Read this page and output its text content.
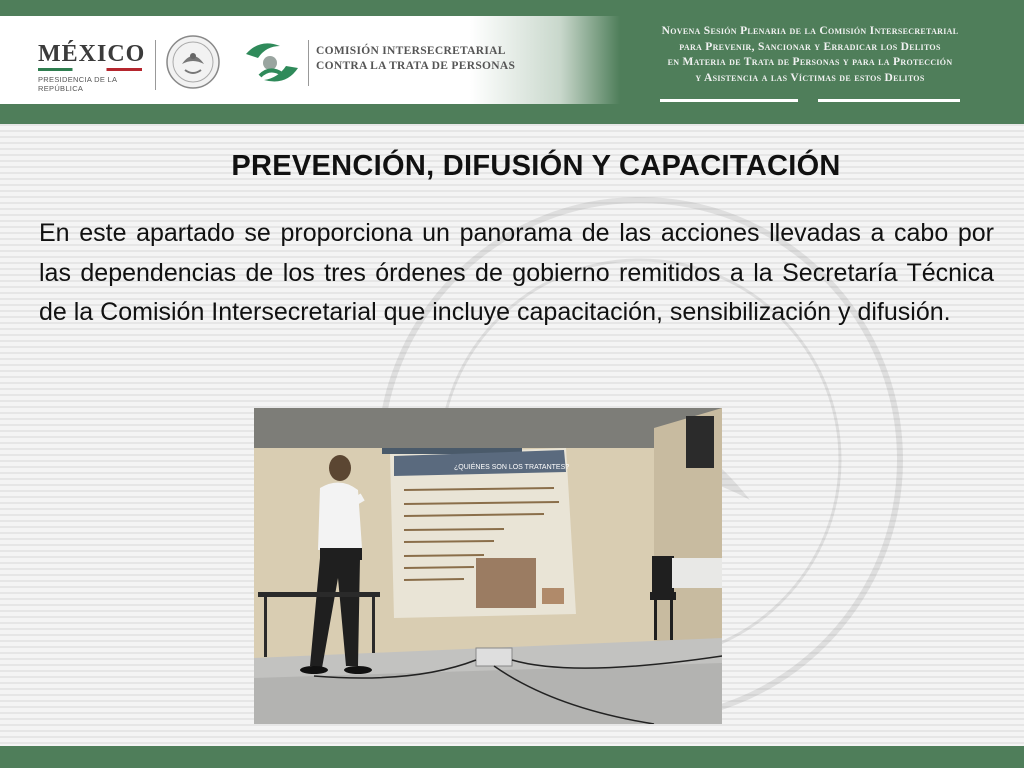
MÉXICO
PRESIDENCIA DE LA REPÚBLICA
COMISIÓN INTERSECRETARIAL
CONTRA LA TRATA DE PERSONAS
Novena Sesión Plenaria de la Comisión Intersecretarial
para Prevenir, Sancionar y Erradicar los Delitos
en Materia de Trata de Personas y para la Protección
y Asistencia a las Víctimas de estos Delitos
PREVENCIÓN, DIFUSIÓN Y CAPACITACIÓN
En este apartado se proporciona un panorama de las acciones llevadas a cabo por las dependencias de los tres órdenes de gobierno remitidos a la Secretaría Técnica de la Comisión Intersecretarial que incluye capacitación, sensibilización y difusión.
¿QUIÉNES SON LOS TRATANTES?
